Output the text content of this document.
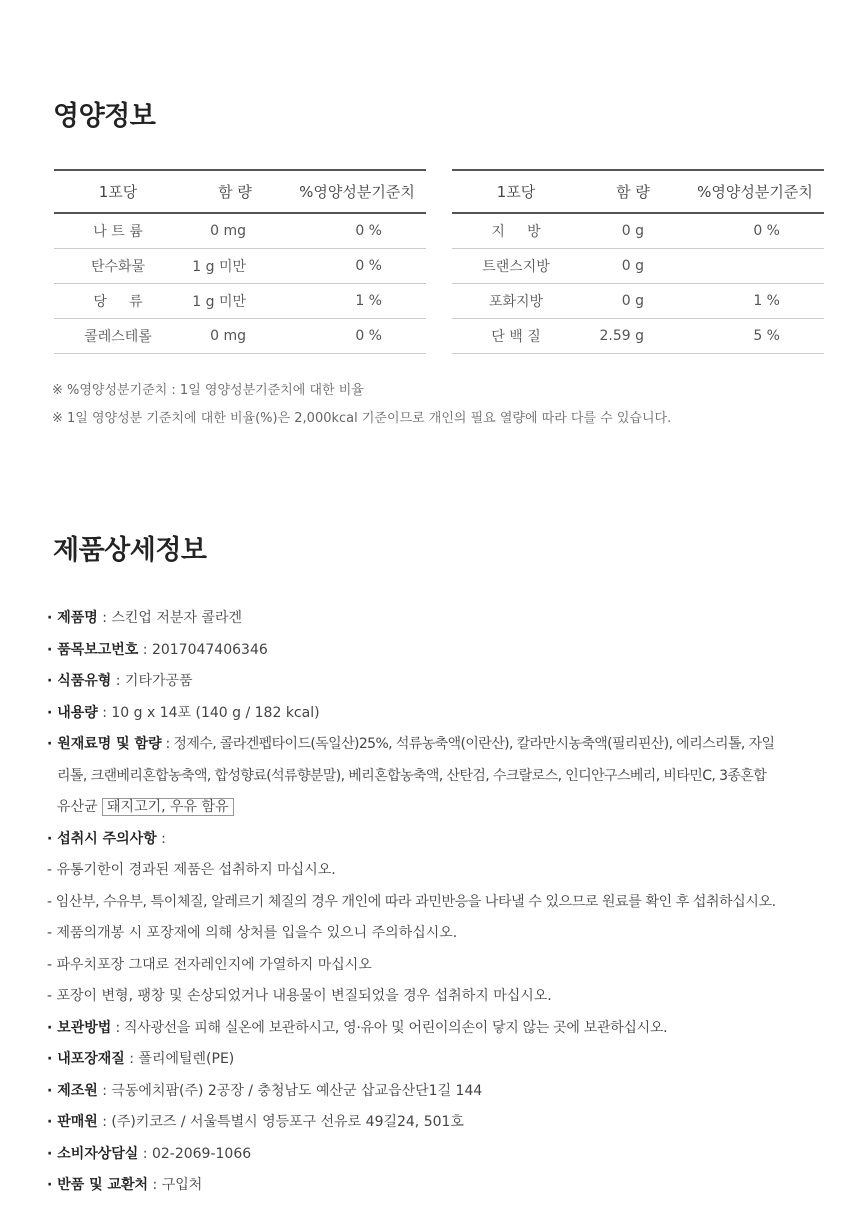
영양정보
1포당	함 량	%영양성분기준치
나 트 륨	0 mg	0 %
탄수화물	1 g 미만	0 %
당     류	1 g 미만	1 %
콜레스테롤	0 mg	0 %
1포당	함 량	%영양성분기준치
지     방	0 g	0 %
트랜스지방	0 g	
포화지방	0 g	1 %
단 백 질	2.59 g	5 %
※ %영양성분기준치 : 1일 영양성분기준치에 대한 비율
※ 1일 영양성분 기준치에 대한 비율(%)은 2,000kcal 기준이므로 개인의 필요 열량에 따라 다를 수 있습니다.
제품상세정보
· 제품명 : 스킨업 저분자 콜라겐
· 품목보고번호 : 2017047406346
· 식품유형 : 기타가공품
· 내용량 : 10 g x 14포 (140 g / 182 kcal)
· 원재료명 및 함량 : 정제수, 콜라겐펩타이드(독일산)25%, 석류농축액(이란산), 칼라만시농축액(필리핀산), 에리스리톨, 자일
리톨, 크랜베리혼합농축액, 합성향료(석류향분말), 베리혼합농축액, 산탄검, 수크랄로스, 인디안구스베리, 비타민C, 3종혼합
유산균 돼지고기, 우유 함유
· 섭취시 주의사항 :
- 유통기한이 경과된 제품은 섭취하지 마십시오.
- 임산부, 수유부, 특이체질, 알레르기 체질의 경우 개인에 따라 과민반응을 나타낼 수 있으므로 원료를 확인 후 섭취하십시오.
- 제품의개봉 시 포장재에 의해 상처를 입을수 있으니 주의하십시오.
- 파우치포장 그대로 전자레인지에 가열하지 마십시오
- 포장이 변형, 팽창 및 손상되었거나 내용물이 변질되었을 경우 섭취하지 마십시오.
· 보관방법 : 직사광선을 피해 실온에 보관하시고, 영·유아 및 어린이의손이 닿지 않는 곳에 보관하십시오.
· 내포장재질 : 폴리에틸렌(PE)
· 제조원 : 극동에치팜(주) 2공장 / 충청남도 예산군 삽교읍산단1길 144
· 판매원 : (주)키코즈 / 서울특별시 영등포구 선유로 49길24, 501호
· 소비자상담실 : 02-2069-1066
· 반품 및 교환처 : 구입처
